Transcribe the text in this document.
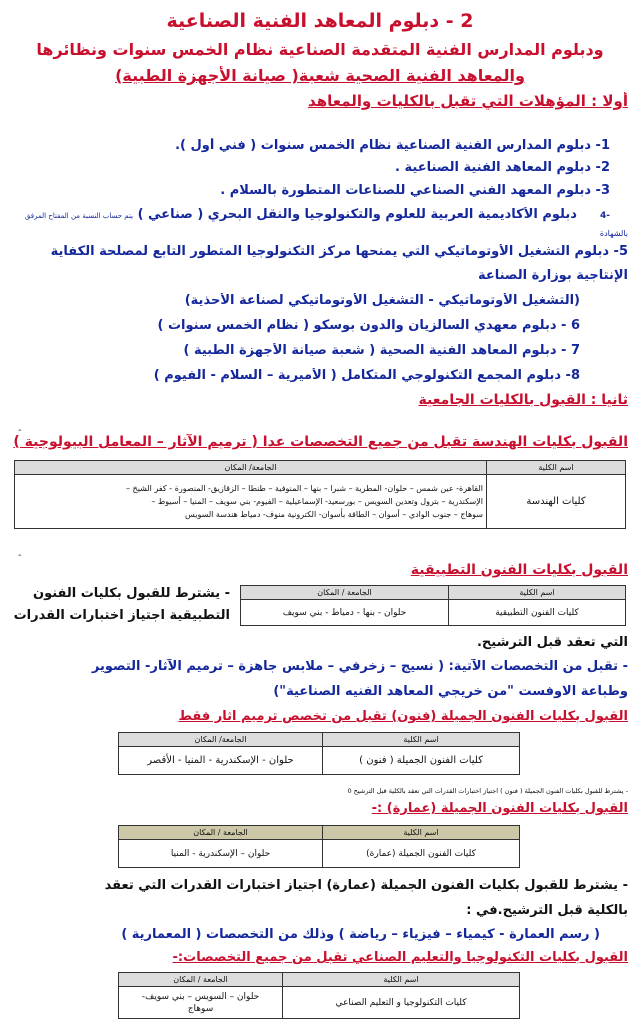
2 - دبلوم المعاهد الفنية الصناعية
ودبلوم المدارس الفنية المتقدمة الصناعية نظام الخمس سنوات ونظائرها
والمعاهد الفنية الصحية شعبة( صيانة الأجهزة الطبية)
أولا : المؤهلات التي تقبل بالكليات والمعاهد
1- دبلوم المدارس الفنية الصناعية نظام الخمس سنوات ( فني أول ).
2- دبلوم المعاهد الفنية الصناعية .
3- دبلوم المعهد الفني الصناعي للصناعات المتطورة بالسلام .
-4  دبلوم الأكاديمية العربية للعلوم والتكنولوجيا والنقل البحري ( صناعي ) يتم حساب النسبة من المفتاح المرفق
بالشهادة
5- دبلوم التشغيل الأوتوماتيكي التي يمنحها مركز التكنولوجيا المتطور التابع لمصلحة الكفاية
الإنتاجية بوزارة الصناعة
(التشغيل الأوتوماتيكي - التشغيل الأوتوماتيكي لصناعة الأحذية)
6 - دبلوم معهدي السالزيان والدون بوسكو ( نظام الخمس سنوات )
7 - دبلوم المعاهد الفنية الصحية ( شعبة صيانة الأجهزة الطبية )
8- دبلوم المجمع التكنولوجي المتكامل ( الأميرية – السلام - الفيوم )
ثانيا : القبول بالكليات الجامعية
-
القبول بكليات الهندسة تقبل من جميع التخصصات عدا ( ترميم الآثار – المعامل البيولوجية )
اسم الكلية	الجامعة/ المكان
كليات الهندسة	القاهرة- عين شمس – حلوان- المطرية – شبرا – بنها – المنوفية – طنطا – الزقازيق- المنصورة - كفر الشيخ –
الإسكندرية – بترول وتعدين السويس – بورسعيد- الإسماعيلية – الفيوم- بني سويف – المنيا – أسيوط –
سوهاج – جنوب الوادي – أسوان – الطاقة بأسوان- الكترونية منوف- دمياط هندسة السويس
-
القبول بكليات الفنون التطبيقية
اسم الكلية	الجامعة / المكان
كليات الفنون التطبيقية	حلوان - بنها - دمياط - بني سويف
- يشترط للقبول بكليات الفنون
التطبيقية اجتياز اختبارات القدرات
التي تعقد قبل الترشيح.
- تقبل من التخصصات الآتية: ( نسيج – زخرفي – ملابس جاهزة – ترميم الآثار- التصوير
وطباعة الاوفست "من خريجي المعاهد الفنيه الصناعية")
القبول بكليات الفنون الجميلة (فنون) تقبل من تخصص ترميم اثار فقط
اسم الكلية	الجامعة/ المكان
كليات الفنون الجميلة ( فنون )	حلوان - الإسكندرية - المنيا - الأقصر
- يشترط للقبول بكليات الفنون الجميلة ( فنون ) اجتياز اختبارات القدرات التي تعقد بالكلية قبل الترشيح 0
القبول بكليات الفنون الجميلة (عمارة) :-
اسم الكلية	الجامعة / المكان
كليات الفنون الجميلة (عمارة)	حلوان – الإسكندرية - المنيا
- يشترط للقبول بكليات الفنون الجميلة (عمارة) اجتياز اختبارات القدرات التي تعقد
بالكلية قبل الترشيح.في :
( رسم العمارة - كيمياء – فيزياء – رياضة ) وذلك من التخصصات ( المعمارية )
القبول بكليات التكنولوجيا والتعليم الصناعي تقبل من جميع التخصصات:-
اسم الكلية	الجامعة / المكان
كليات التكنولوجيا و التعليم الصناعي	حلوان – السويس – بني سويف-
سوهاج
